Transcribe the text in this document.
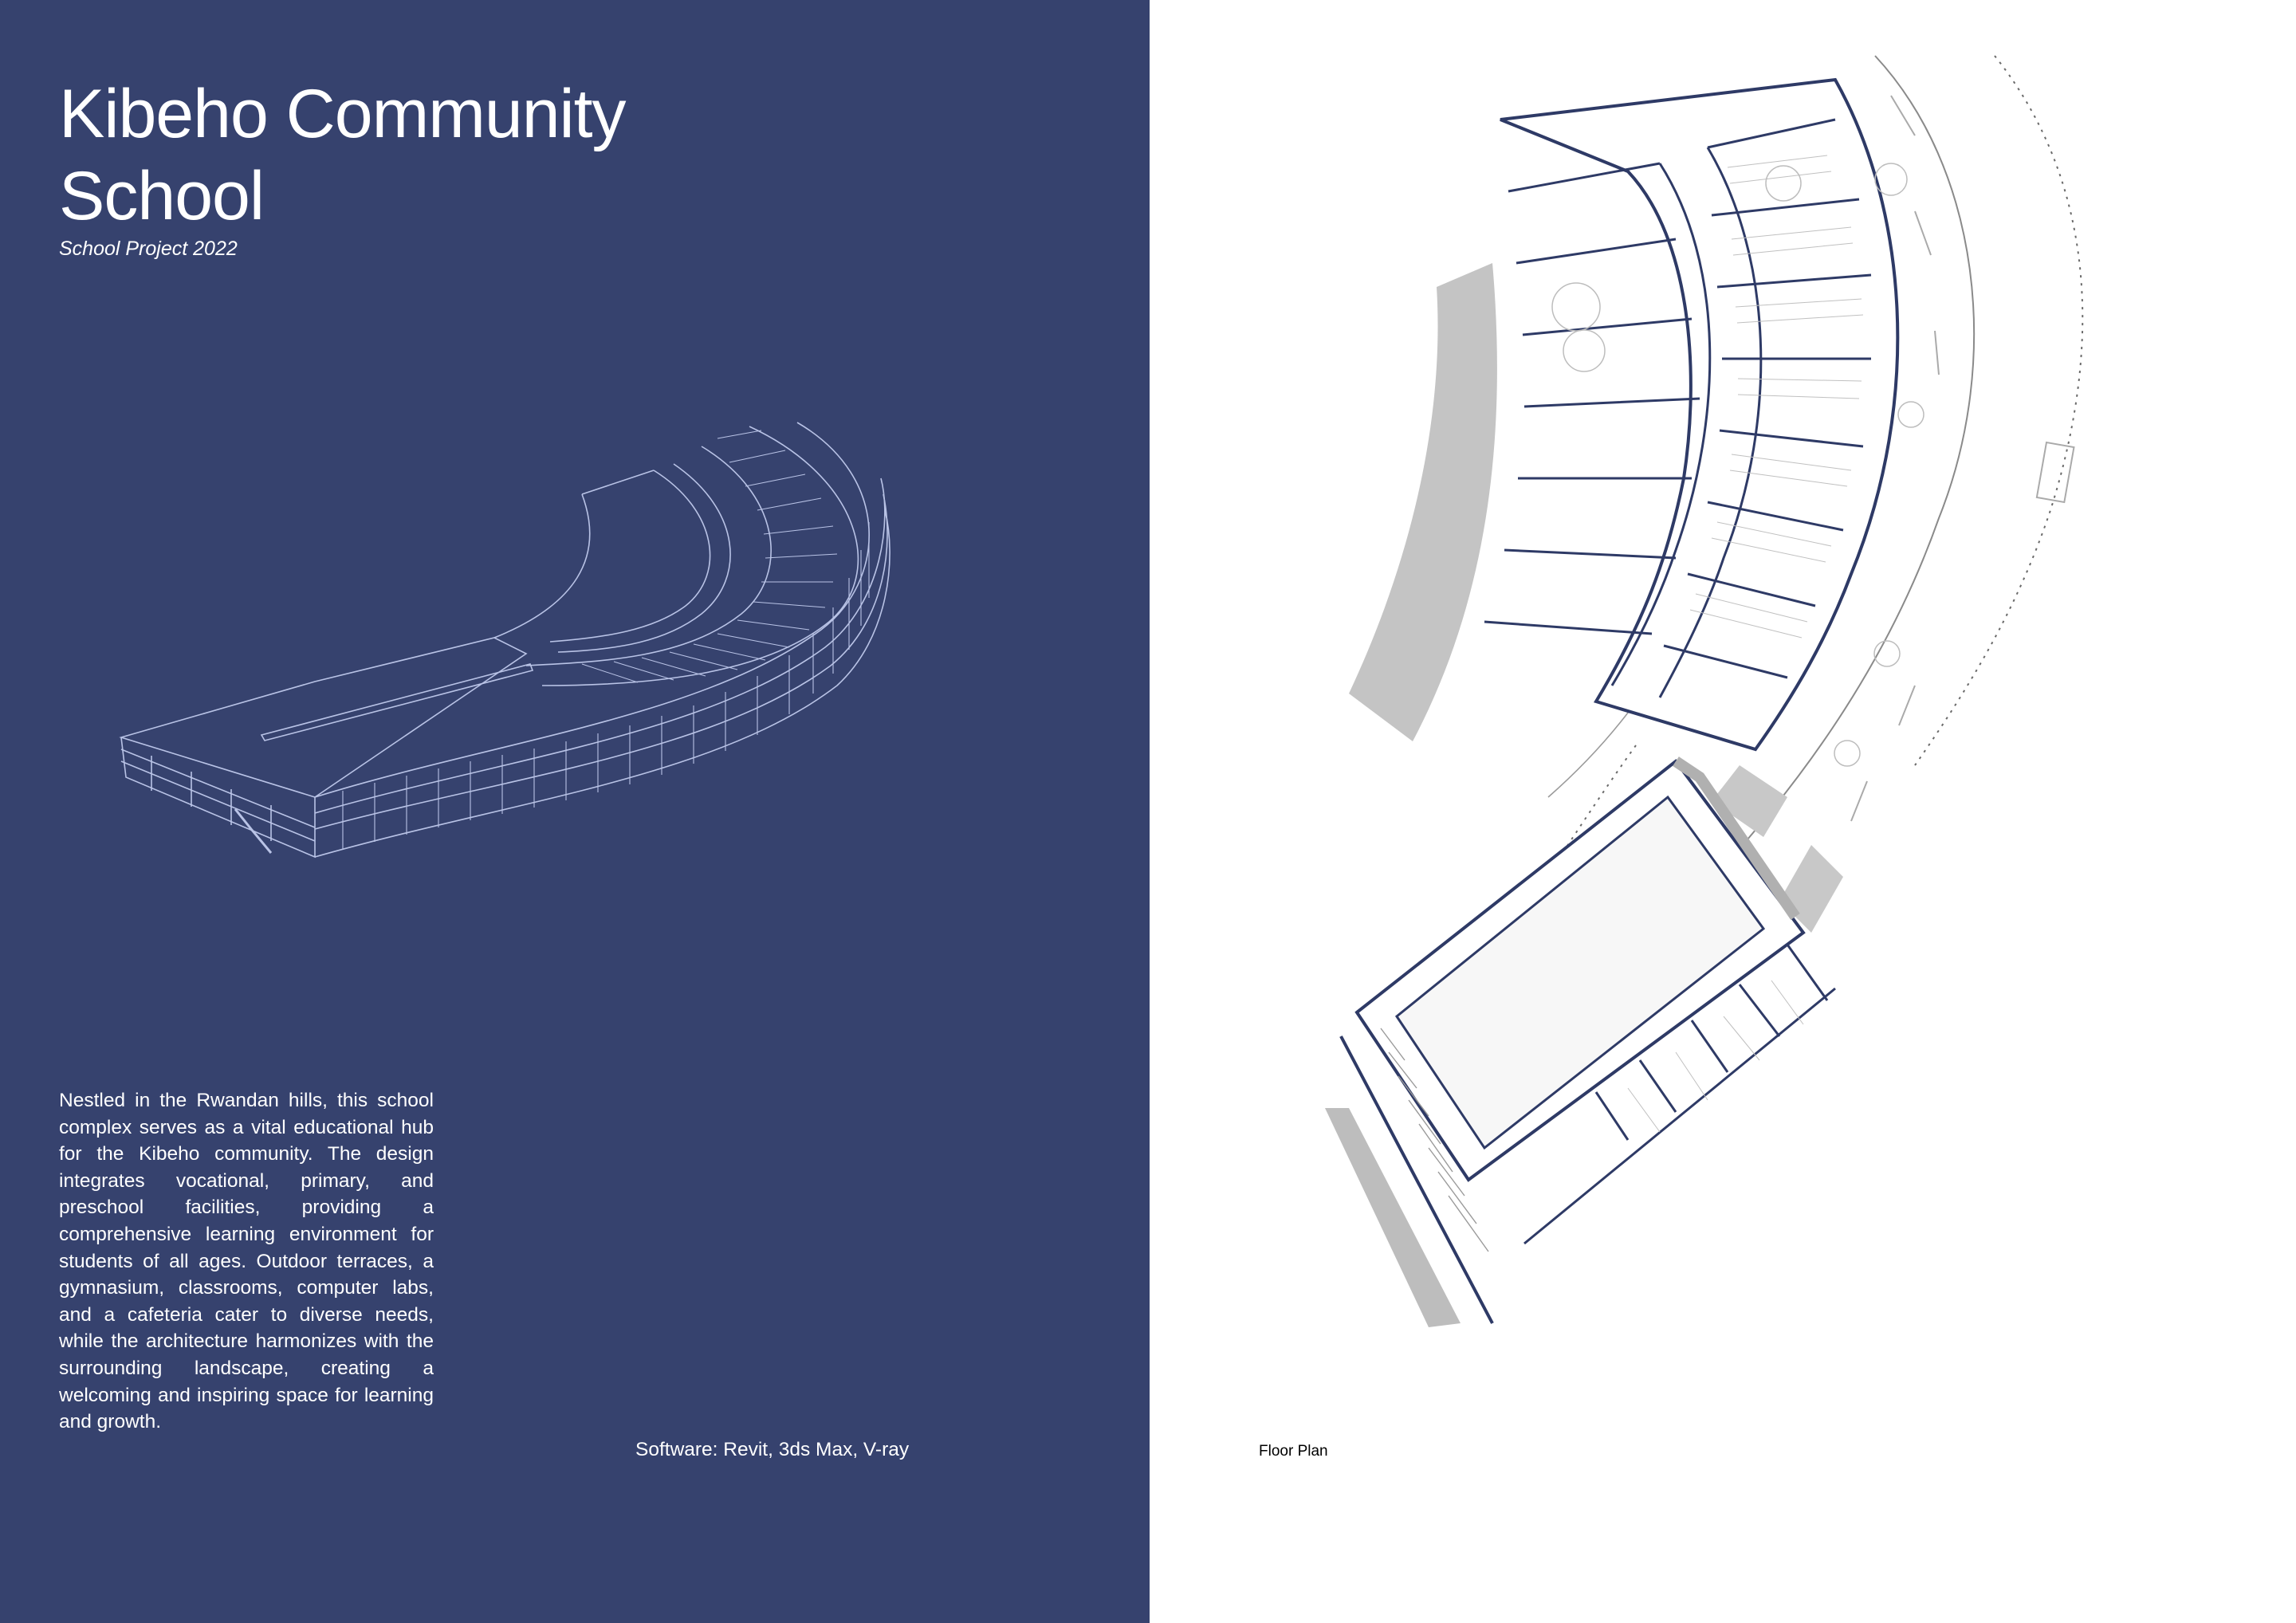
Kibeho Community
School

School Project 2022

Nestled in the Rwandan hills, this school complex serves as a vital educational hub for the Kibeho community. The design integrates vocational, primary, and preschool facilities, providing a comprehensive learning environment for students of all ages. Outdoor terraces, a gymnasium, classrooms, computer labs, and a cafeteria cater to diverse needs, while the architecture harmonizes with the surrounding landscape, creating a welcoming and inspiring space for learning and growth.

Software: Revit, 3ds Max, V-ray	Floor Plan
